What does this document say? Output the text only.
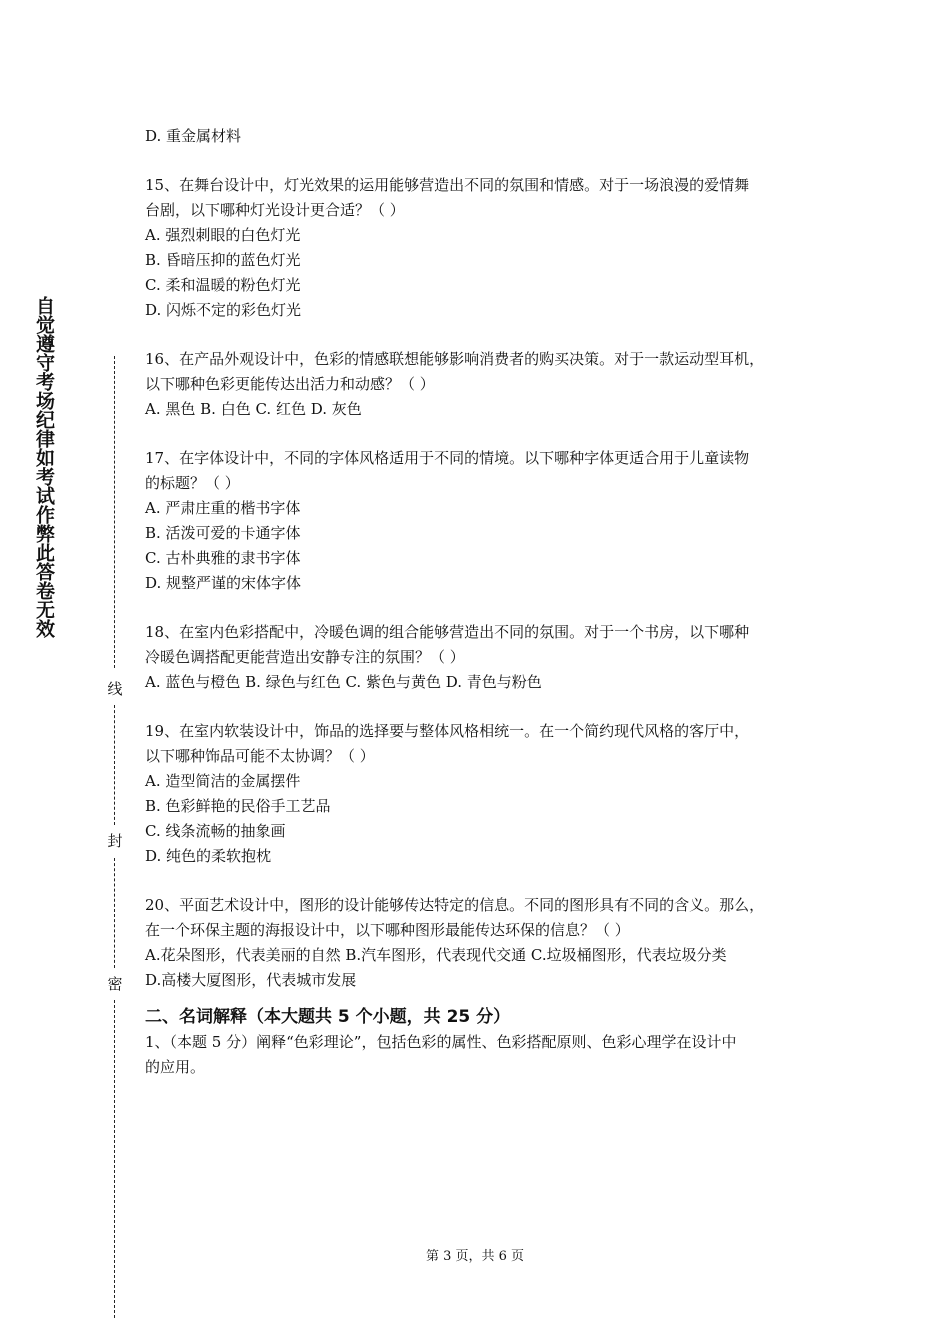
自觉遵守考场纪律如考试作弊此答卷无效
线
封
密
D. 重金属材料
15、在舞台设计中，灯光效果的运用能够营造出不同的氛围和情感。对于一场浪漫的爱情舞
台剧，以下哪种灯光设计更合适？（ ）
A. 强烈刺眼的白色灯光
B. 昏暗压抑的蓝色灯光
C. 柔和温暖的粉色灯光
D. 闪烁不定的彩色灯光
16、在产品外观设计中，色彩的情感联想能够影响消费者的购买决策。对于一款运动型耳机，
以下哪种色彩更能传达出活力和动感？（ ）
A. 黑色 B. 白色 C. 红色 D. 灰色
17、在字体设计中，不同的字体风格适用于不同的情境。以下哪种字体更适合用于儿童读物
的标题？（ ）
A. 严肃庄重的楷书字体
B. 活泼可爱的卡通字体
C. 古朴典雅的隶书字体
D. 规整严谨的宋体字体
18、在室内色彩搭配中，冷暖色调的组合能够营造出不同的氛围。对于一个书房，以下哪种
冷暖色调搭配更能营造出安静专注的氛围？（ ）
A. 蓝色与橙色 B. 绿色与红色 C. 紫色与黄色 D. 青色与粉色
19、在室内软装设计中，饰品的选择要与整体风格相统一。在一个简约现代风格的客厅中，
以下哪种饰品可能不太协调？（ ）
A. 造型简洁的金属摆件
B. 色彩鲜艳的民俗手工艺品
C. 线条流畅的抽象画
D. 纯色的柔软抱枕
20、平面艺术设计中，图形的设计能够传达特定的信息。不同的图形具有不同的含义。那么，
在一个环保主题的海报设计中，以下哪种图形最能传达环保的信息？（ ）
A.花朵图形，代表美丽的自然 B.汽车图形，代表现代交通 C.垃圾桶图形，代表垃圾分类
D.高楼大厦图形，代表城市发展
二、名词解释（本大题共 5 个小题，共 25 分）
1、（本题 5 分）阐释“色彩理论”，包括色彩的属性、色彩搭配原则、色彩心理学在设计中
的应用。
第 3 页，共 6 页
